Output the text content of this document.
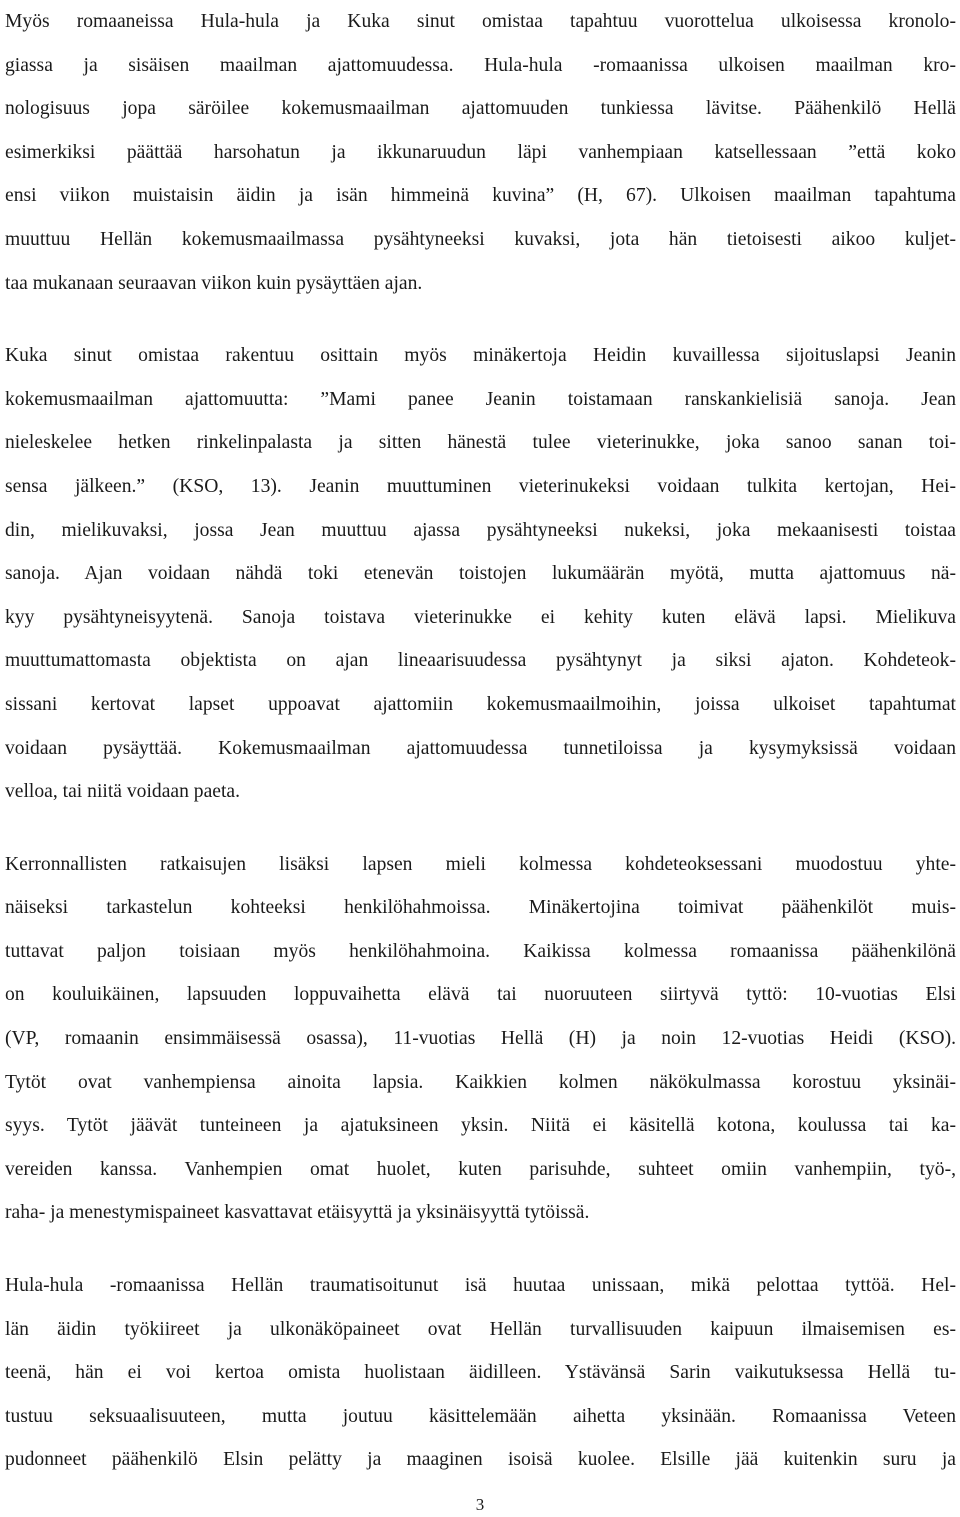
Myös romaaneissa Hula-hula ja Kuka sinut omistaa tapahtuu vuorottelua ulkoisessa kronolo-
giassa ja sisäisen maailman ajattomuudessa. Hula-hula -romaanissa ulkoisen maailman kro-
nologisuus jopa säröilee kokemusmaailman ajattomuuden tunkiessa lävitse. Päähenkilö Hellä
esimerkiksi päättää harsohatun ja ikkunaruudun läpi vanhempiaan katsellessaan ”että koko
ensi viikon muistaisin äidin ja isän himmeinä kuvina” (H, 67). Ulkoisen maailman tapahtuma
muuttuu Hellän kokemusmaailmassa pysähtyneeksi kuvaksi, jota hän tietoisesti aikoo kuljet-
taa mukanaan seuraavan viikon kuin pysäyttäen ajan.
Kuka sinut omistaa rakentuu osittain myös minäkertoja Heidin kuvaillessa sijoituslapsi Jeanin
kokemusmaailman ajattomuutta: ”Mami panee Jeanin toistamaan ranskankielisiä sanoja. Jean
nieleskelee hetken rinkelinpalasta ja sitten hänestä tulee vieterinukke, joka sanoo sanan toi-
sensa jälkeen.” (KSO, 13). Jeanin muuttuminen vieterinukeksi voidaan tulkita kertojan, Hei-
din, mielikuvaksi, jossa Jean muuttuu ajassa pysähtyneeksi nukeksi, joka mekaanisesti toistaa
sanoja. Ajan voidaan nähdä toki etenevän toistojen lukumäärän myötä, mutta ajattomuus nä-
kyy pysähtyneisyytenä. Sanoja toistava vieterinukke ei kehity kuten elävä lapsi. Mielikuva
muuttumattomasta objektista on ajan lineaarisuudessa pysähtynyt ja siksi ajaton. Kohdeteok-
sissani kertovat lapset uppoavat ajattomiin kokemusmaailmoihin, joissa ulkoiset tapahtumat
voidaan pysäyttää. Kokemusmaailman ajattomuudessa tunnetiloissa ja kysymyksissä voidaan
velloa, tai niitä voidaan paeta.
Kerronnallisten ratkaisujen lisäksi lapsen mieli kolmessa kohdeteoksessani muodostuu yhte-
näiseksi tarkastelun kohteeksi henkilöhahmoissa. Minäkertojina toimivat päähenkilöt muis-
tuttavat paljon toisiaan myös henkilöhahmoina. Kaikissa kolmessa romaanissa päähenkilönä
on kouluikäinen, lapsuuden loppuvaihetta elävä tai nuoruuteen siirtyvä tyttö: 10-vuotias Elsi
(VP, romaanin ensimmäisessä osassa), 11-vuotias Hellä (H) ja noin 12-vuotias Heidi (KSO).
Tytöt ovat vanhempiensa ainoita lapsia. Kaikkien kolmen näkökulmassa korostuu yksinäi-
syys. Tytöt jäävät tunteineen ja ajatuksineen yksin. Niitä ei käsitellä kotona, koulussa tai ka-
vereiden kanssa. Vanhempien omat huolet, kuten parisuhde, suhteet omiin vanhempiin, työ-,
raha- ja menestymispaineet kasvattavat etäisyyttä ja yksinäisyyttä tytöissä.
Hula-hula -romaanissa Hellän traumatisoitunut isä huutaa unissaan, mikä pelottaa tyttöä. Hel-
län äidin työkiireet ja ulkonäköpaineet ovat Hellän turvallisuuden kaipuun ilmaisemisen es-
teenä, hän ei voi kertoa omista huolistaan äidilleen. Ystävänsä Sarin vaikutuksessa Hellä tu-
tustuu seksuaalisuuteen, mutta joutuu käsittelemään aihetta yksinään. Romaanissa Veteen
pudonneet päähenkilö Elsin pelätty ja maaginen isoisä kuolee. Elsille jää kuitenkin suru ja
3
